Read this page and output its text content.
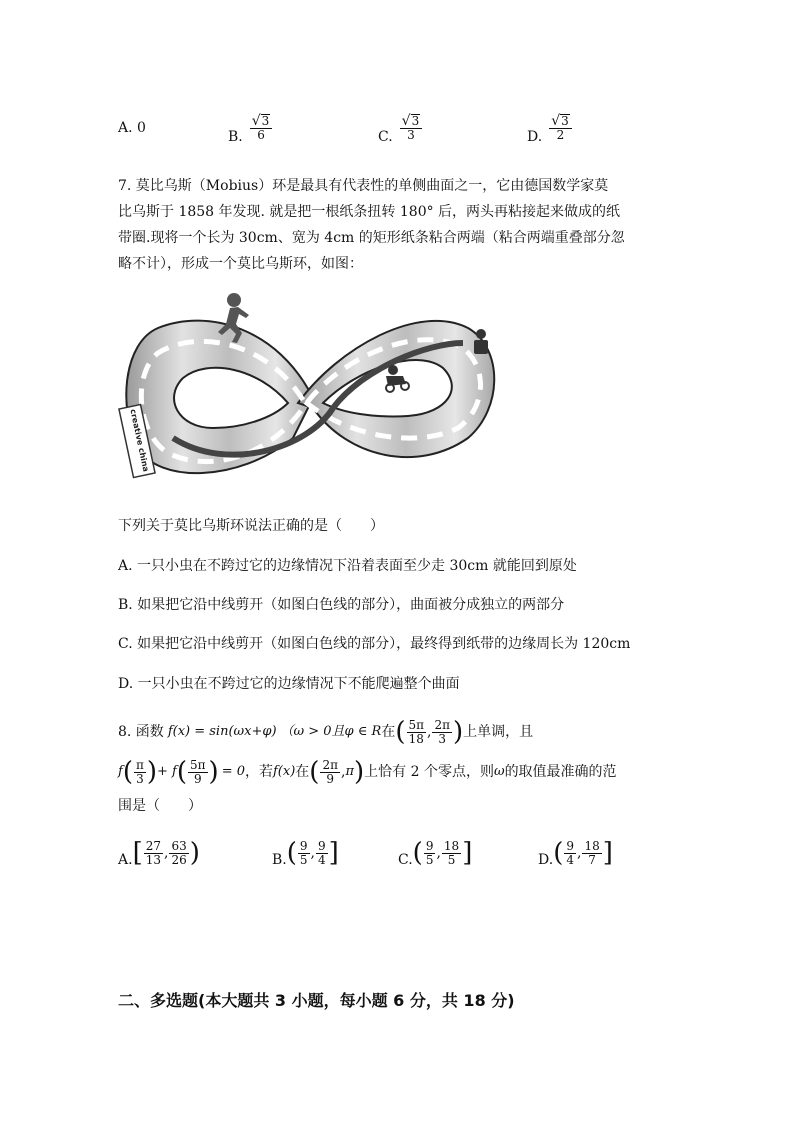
A. 0
B. $\frac{√ 3}{6}$	C. $\frac{√ 3}{3}$	D. $\frac{√ 3}{2}$
7. 莫比乌斯（Mobius）环是最具有代表性的单侧曲面之一，它由德国数学家莫
比乌斯于 1858 年发现. 就是把一根纸条扭转 180° 后，两头再粘接起来做成的纸
带圈.现将一个长为 30cm、宽为 4cm 的矩形纸条粘合两端（粘合两端重叠部分忽
略不计），形成一个莫比乌斯环，如图：
creative china
下列关于莫比乌斯环说法正确的是（　　）
A. 一只小虫在不跨过它的边缘情况下沿着表面至少走 30cm 就能回到原处
B. 如果把它沿中线剪开（如图白色线的部分），曲面被分成独立的两部分
C. 如果把它沿中线剪开（如图白色线的部分），最终得到纸带的边缘周长为 120cm
D. 一只小虫在不跨过它的边缘情况下不能爬遍整个曲面
8. 函数 f(x) = sin(ωx+φ) （ω > 0且φ ∈ R 在 ( $\frac{5\pi}{18}$ , $\frac{2\pi}{3}$ ) 上单调，且
f ( $\frac{\pi}{3}$ ) + f ( $\frac{5\pi}{9}$ ) = 0 ，若 f(x) 在 ( $\frac{2\pi}{9}$ , π ) 上恰有 2 个零点，则 ω 的取值最准确的范
围是（　　）
A. [ $\frac{27}{13}$ , $\frac{63}{26}$ )	B. ( $\frac{9}{5}$ , $\frac{9}{4}$ ]	C. ( $\frac{9}{5}$ , $\frac{18}{5}$ ]	D. ( $\frac{9}{4}$ , $\frac{18}{7}$ ]
二、多选题(本大题共 3 小题，每小题 6 分，共 18 分)
